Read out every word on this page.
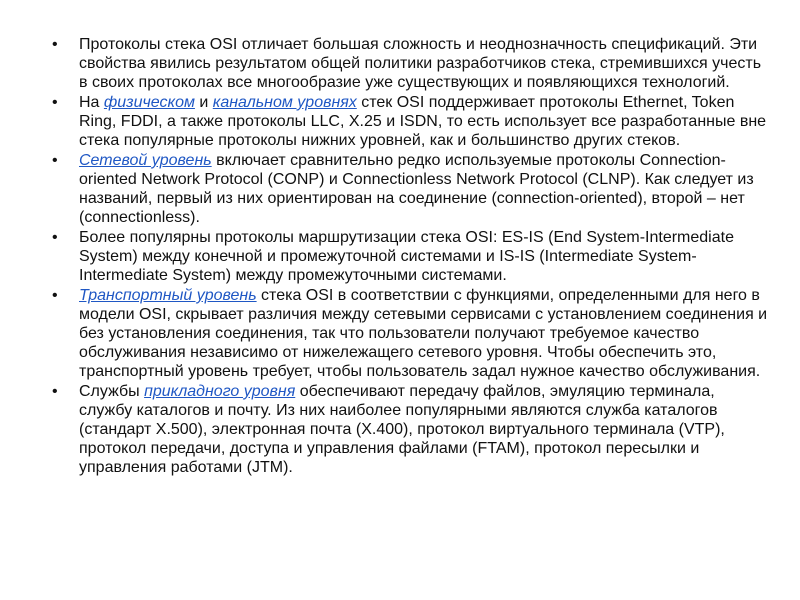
• Протоколы стека OSI отличает большая сложность и неоднозначность спецификаций. Эти свойства явились результатом общей политики разработчиков стека, стремившихся учесть в своих протоколах все многообразие уже существующих и появляющихся технологий.
• На физическом и канальном уровнях стек OSI поддерживает протоколы Ethernet, Token Ring, FDDI, а также протоколы LLC, X.25 и ISDN, то есть использует все разработанные вне стека популярные протоколы нижних уровней, как и большинство других стеков.
• Сетевой уровень включает сравнительно редко используемые протоколы Connection-oriented Network Protocol (CONP) и Connectionless Network Protocol (CLNP). Как следует из названий, первый из них ориентирован на соединение (connection-oriented), второй – нет (connectionless).
• Более популярны протоколы маршрутизации стека OSI: ES-IS (End System-Intermediate System) между конечной и промежуточной системами и IS-IS (Intermediate System-Intermediate System) между промежуточными системами.
• Транспортный уровень стека OSI в соответствии с функциями, определенными для него в модели OSI, скрывает различия между сетевыми сервисами с установлением соединения и без установления соединения, так что пользователи получают требуемое качество обслуживания независимо от нижележащего сетевого уровня. Чтобы обеспечить это, транспортный уровень требует, чтобы пользователь задал нужное качество обслуживания.
• Службы прикладного уровня обеспечивают передачу файлов, эмуляцию терминала, службу каталогов и почту. Из них наиболее популярными являются служба каталогов (стандарт X.500), электронная почта (X.400), протокол виртуального терминала (VTP), протокол передачи, доступа и управления файлами (FTAM), протокол пересылки и управления работами (JTM).
